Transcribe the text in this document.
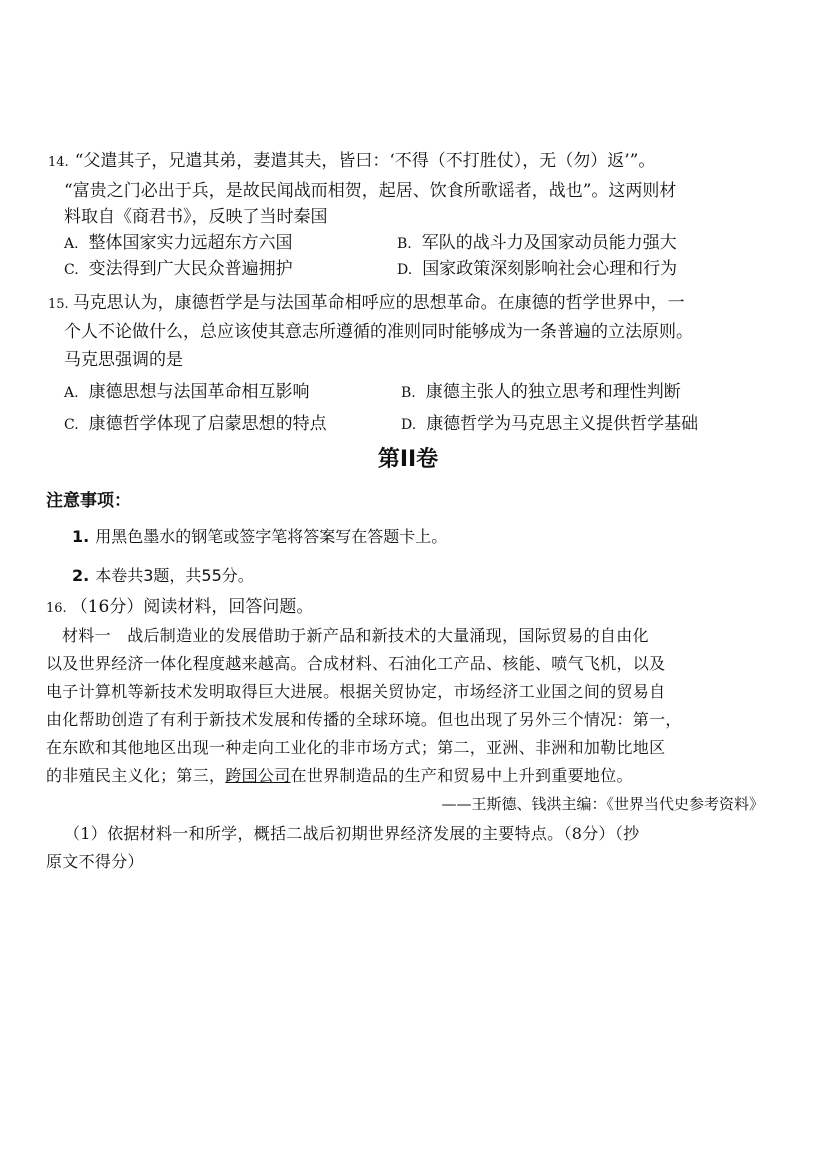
14. “父遣其子，兄遣其弟，妻遣其夫，皆曰：‘不得（不打胜仗），无（勿）返’”。
“富贵之门必出于兵，是故民闻战而相贺，起居、饮食所歌谣者，战也”。这两则材
料取自《商君书》，反映了当时秦国
A. 整体国家实力远超东方六国	B. 军队的战斗力及国家动员能力强大
C. 变法得到广大民众普遍拥护	D. 国家政策深刻影响社会心理和行为
15. 马克思认为，康德哲学是与法国革命相呼应的思想革命。在康德的哲学世界中，一
个人不论做什么，总应该使其意志所遵循的准则同时能够成为一条普遍的立法原则。
马克思强调的是
A. 康德思想与法国革命相互影响	B. 康德主张人的独立思考和理性判断
C. 康德哲学体现了启蒙思想的特点	D. 康德哲学为马克思主义提供哲学基础
第II卷
注意事项：
1. 用黑色墨水的钢笔或签字笔将答案写在答题卡上。
2. 本卷共3题，共55分。
16. （16分）阅读材料，回答问题。
材料一　战后制造业的发展借助于新产品和新技术的大量涌现，国际贸易的自由化
以及世界经济一体化程度越来越高。合成材料、石油化工产品、核能、喷气飞机，以及
电子计算机等新技术发明取得巨大进展。根据关贸协定，市场经济工业国之间的贸易自
由化帮助创造了有利于新技术发展和传播的全球环境。但也出现了另外三个情况：第一，
在东欧和其他地区出现一种走向工业化的非市场方式；第二，亚洲、非洲和加勒比地区
的非殖民主义化；第三，跨国公司在世界制造品的生产和贸易中上升到重要地位。
——王斯德、钱洪主编：《世界当代史参考资料》
（1）依据材料一和所学，概括二战后初期世界经济发展的主要特点。（8分）（抄
原文不得分）
